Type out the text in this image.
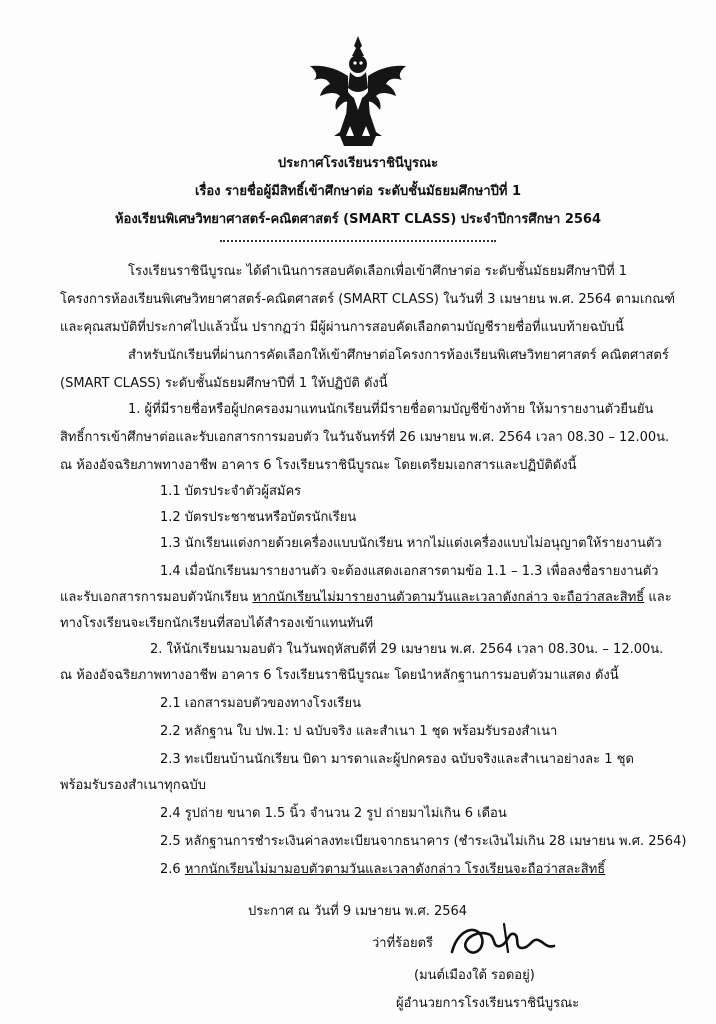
ประกาศโรงเรียนราชินีบูรณะ
เรื่อง รายชื่อผู้มีสิทธิ์เข้าศึกษาต่อ ระดับชั้นมัธยมศึกษาปีที่ 1
ห้องเรียนพิเศษวิทยาศาสตร์-คณิตศาสตร์ (SMART CLASS) ประจำปีการศึกษา 2564
โรงเรียนราชินีบูรณะ ได้ดำเนินการสอบคัดเลือกเพื่อเข้าศึกษาต่อ ระดับชั้นมัธยมศึกษาปีที่ 1
โครงการห้องเรียนพิเศษวิทยาศาสตร์-คณิตศาสตร์ (SMART CLASS) ในวันที่ 3 เมษายน พ.ศ. 2564 ตามเกณฑ์
และคุณสมบัติที่ประกาศไปแล้วนั้น ปรากฏว่า มีผู้ผ่านการสอบคัดเลือกตามบัญชีรายชื่อที่แนบท้ายฉบับนี้
สำหรับนักเรียนที่ผ่านการคัดเลือกให้เข้าศึกษาต่อโครงการห้องเรียนพิเศษวิทยาศาสตร์ คณิตศาสตร์
(SMART CLASS) ระดับชั้นมัธยมศึกษาปีที่ 1 ให้ปฏิบัติ ดังนี้
1. ผู้ที่มีรายชื่อหรือผู้ปกครองมาแทนนักเรียนที่มีรายชื่อตามบัญชีข้างท้าย ให้มารายงานตัวยืนยัน
สิทธิ์การเข้าศึกษาต่อและรับเอกสารการมอบตัว ในวันจันทร์ที่ 26 เมษายน พ.ศ. 2564 เวลา 08.30 – 12.00น.
ณ ห้องอัจฉริยภาพทางอาชีพ อาคาร 6 โรงเรียนราชินีบูรณะ โดยเตรียมเอกสารและปฏิบัติดังนี้
1.1 บัตรประจำตัวผู้สมัคร
1.2 บัตรประชาชนหรือบัตรนักเรียน
1.3 นักเรียนแต่งกายด้วยเครื่องแบบนักเรียน หากไม่แต่งเครื่องแบบไม่อนุญาตให้รายงานตัว
1.4 เมื่อนักเรียนมารายงานตัว จะต้องแสดงเอกสารตามข้อ 1.1 – 1.3 เพื่อลงชื่อรายงานตัว
และรับเอกสารการมอบตัวนักเรียน หากนักเรียนไม่มารายงานตัวตามวันและเวลาดังกล่าว จะถือว่าสละสิทธิ์ และ
ทางโรงเรียนจะเรียกนักเรียนที่สอบได้สำรองเข้าแทนทันที
2. ให้นักเรียนมามอบตัว ในวันพฤหัสบดีที่ 29 เมษายน พ.ศ. 2564 เวลา 08.30น. – 12.00น.
ณ ห้องอัจฉริยภาพทางอาชีพ อาคาร 6 โรงเรียนราชินีบูรณะ โดยนำหลักฐานการมอบตัวมาแสดง ดังนี้
2.1 เอกสารมอบตัวของทางโรงเรียน
2.2 หลักฐาน ใบ ปพ.1: ป ฉบับจริง และสำเนา 1 ชุด พร้อมรับรองสำเนา
2.3 ทะเบียนบ้านนักเรียน บิดา มารดาและผู้ปกครอง ฉบับจริงและสำเนาอย่างละ 1 ชุด
พร้อมรับรองสำเนาทุกฉบับ
2.4 รูปถ่าย ขนาด 1.5 นิ้ว จำนวน 2 รูป ถ่ายมาไม่เกิน 6 เดือน
2.5 หลักฐานการชำระเงินค่าลงทะเบียนจากธนาคาร (ชำระเงินไม่เกิน 28 เมษายน พ.ศ. 2564)
2.6 หากนักเรียนไม่มามอบตัวตามวันและเวลาดังกล่าว โรงเรียนจะถือว่าสละสิทธิ์
ประกาศ ณ วันที่ 9 เมษายน พ.ศ. 2564
ว่าที่ร้อยตรี
(มนต์เมืองใต้ รอดอยู่)
ผู้อำนวยการโรงเรียนราชินีบูรณะ
